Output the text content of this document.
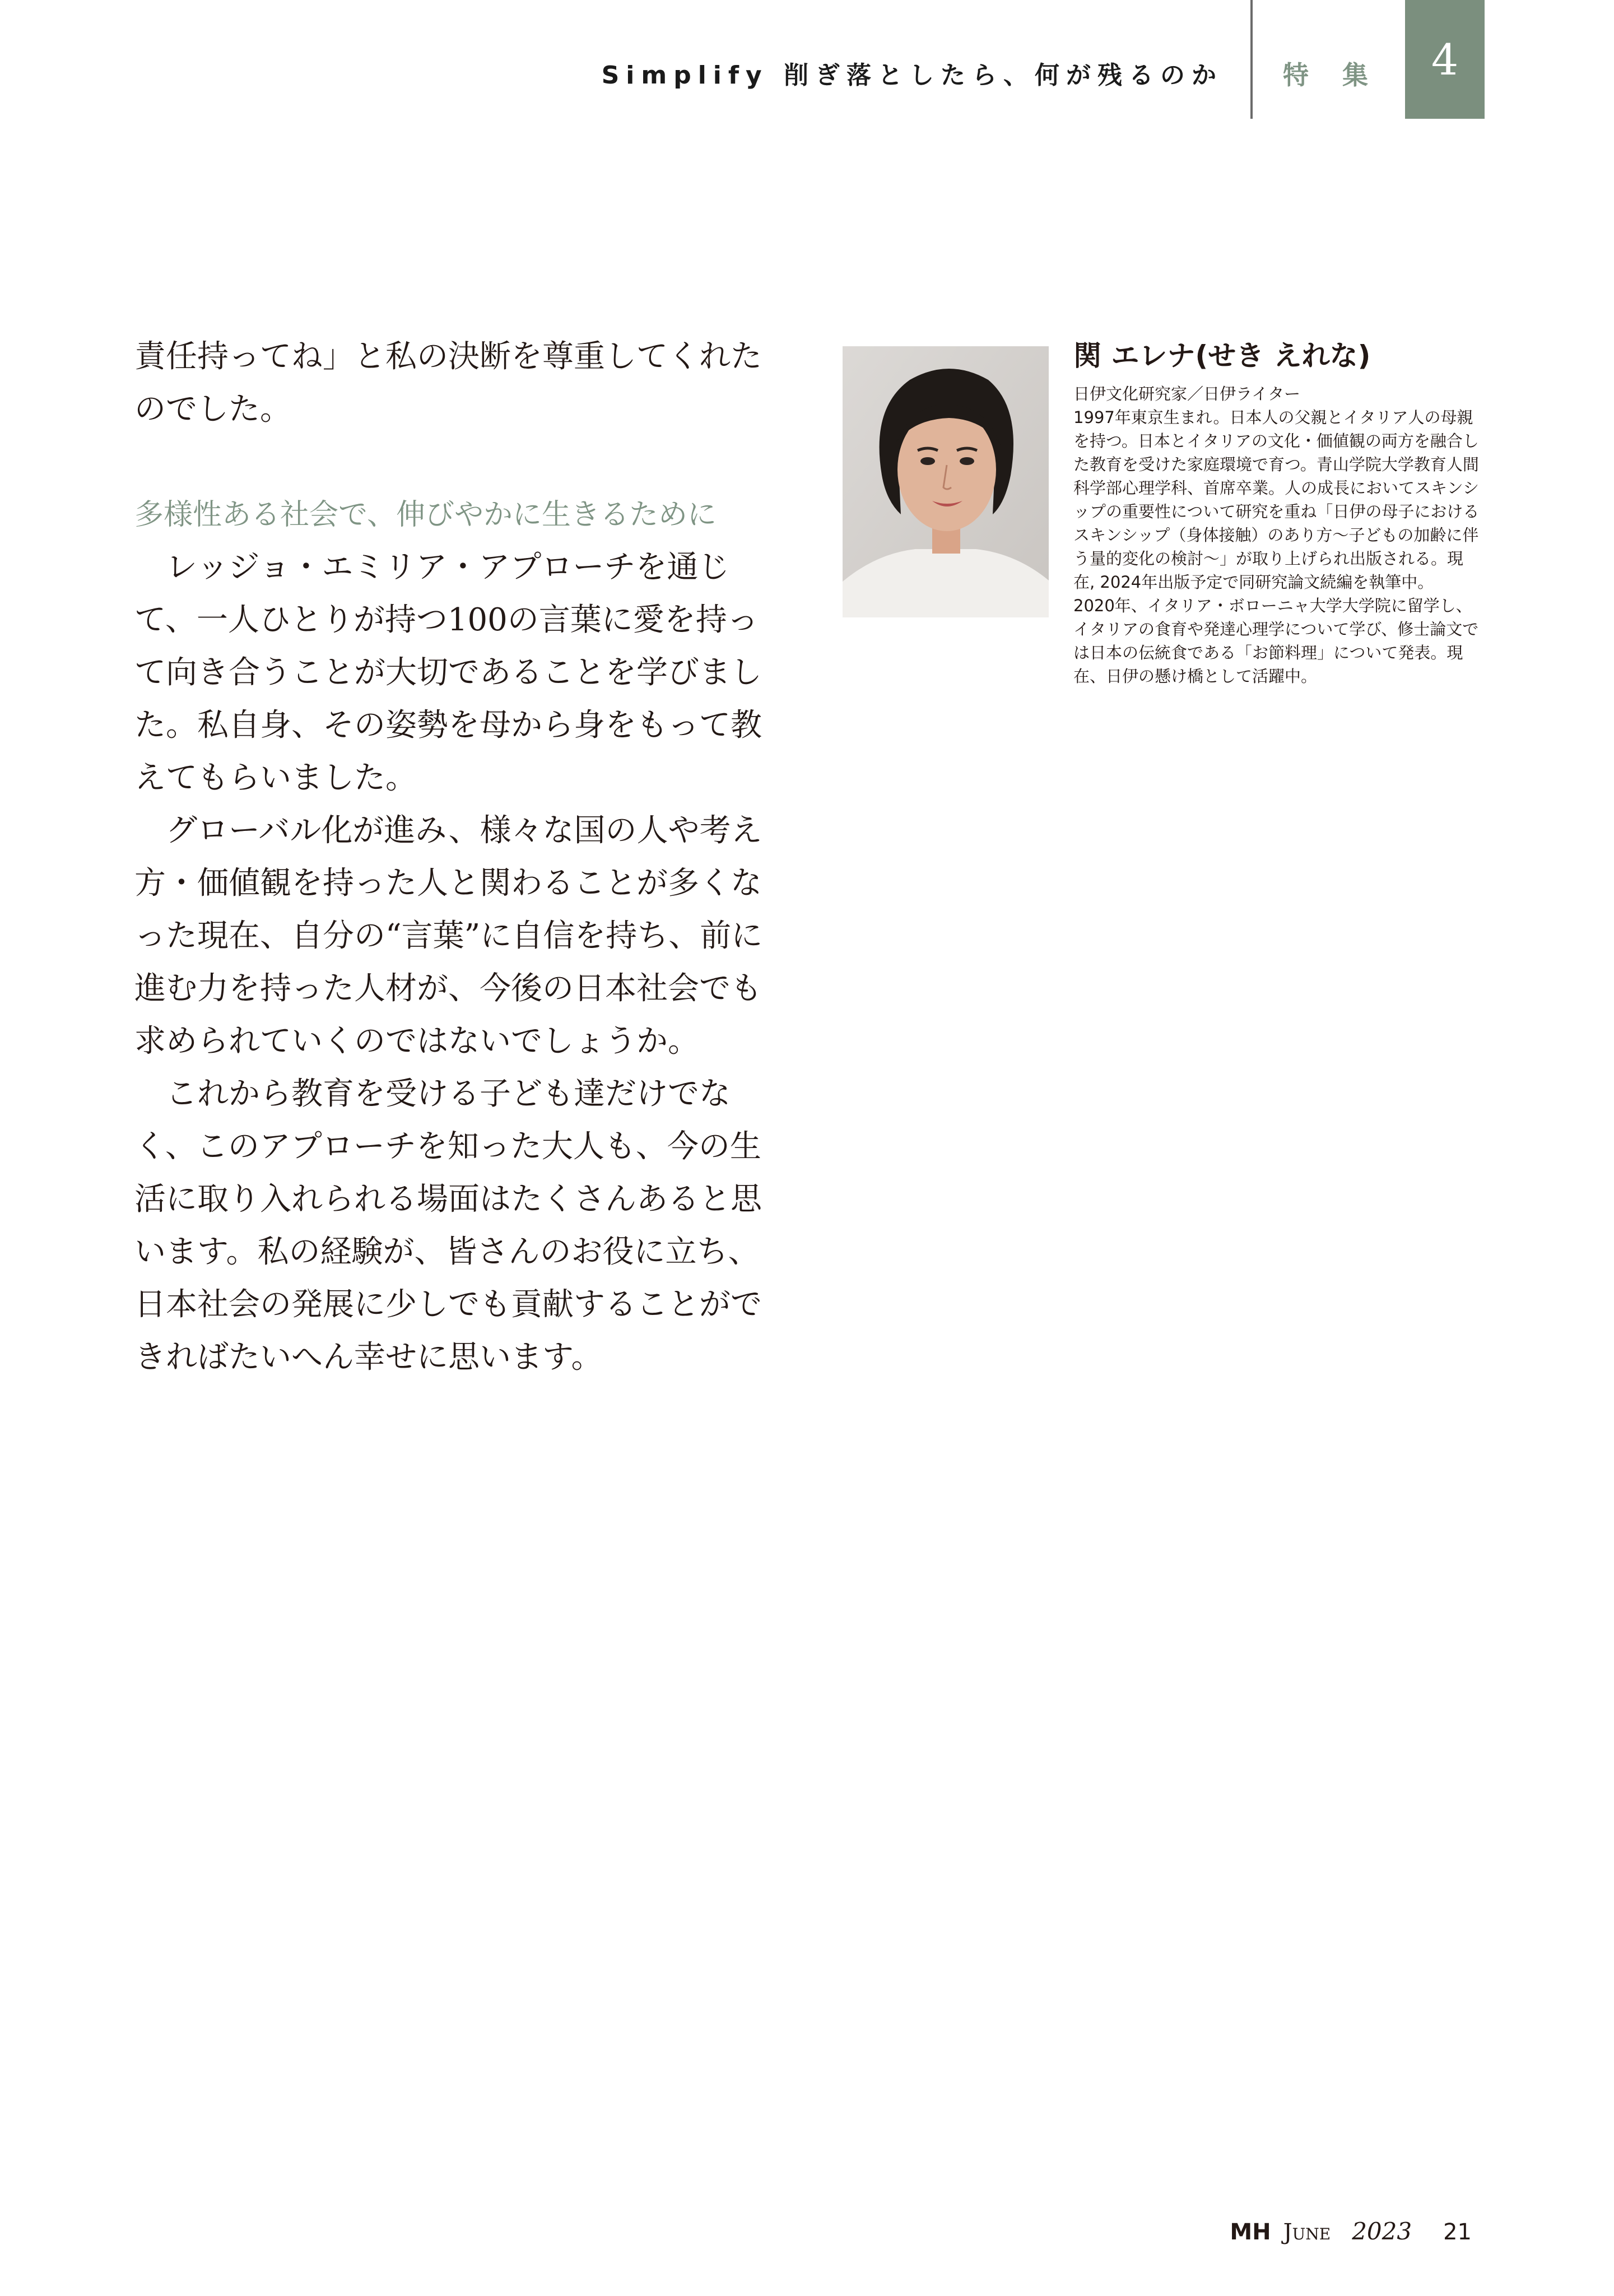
Simplify 削ぎ落としたら、何が残るのか 特集 4

責任持ってね」と私の決断を尊重してくれたのでした。

多様性ある社会で、伸びやかに生きるために

レッジョ・エミリア・アプローチを通じて、一人ひとりが持つ100の言葉に愛を持って向き合うことが大切であることを学びました。私自身、その姿勢を母から身をもって教えてもらいました。

グローバル化が進み、様々な国の人や考え方・価値観を持った人と関わることが多くなった現在、自分の“言葉”に自信を持ち、前に進む力を持った人材が、今後の日本社会でも求められていくのではないでしょうか。

これから教育を受ける子ども達だけでなく、このアプローチを知った大人も、今の生活に取り入れられる場面はたくさんあると思います。私の経験が、皆さんのお役に立ち、日本社会の発展に少しでも貢献することができればたいへん幸せに思います。

関 エレナ(せき えれな)

日伊文化研究家／日伊ライター

1997年東京生まれ。日本人の父親とイタリア人の母親を持つ。日本とイタリアの文化・価値観の両方を融合した教育を受けた家庭環境で育つ。青山学院大学教育人間科学部心理学科、首席卒業。人の成長においてスキンシップの重要性について研究を重ね「日伊の母子におけるスキンシップ（身体接触）のあり方〜子どもの加齢に伴う量的変化の検討〜」が取り上げられ出版される。現在, 2024年出版予定で同研究論文続編を執筆中。

2020年、イタリア・ボローニャ大学大学院に留学し、イタリアの食育や発達心理学について学び、修士論文では日本の伝統食である「お節料理」について発表。現在、日伊の懸け橋として活躍中。

MH June 2023 21
